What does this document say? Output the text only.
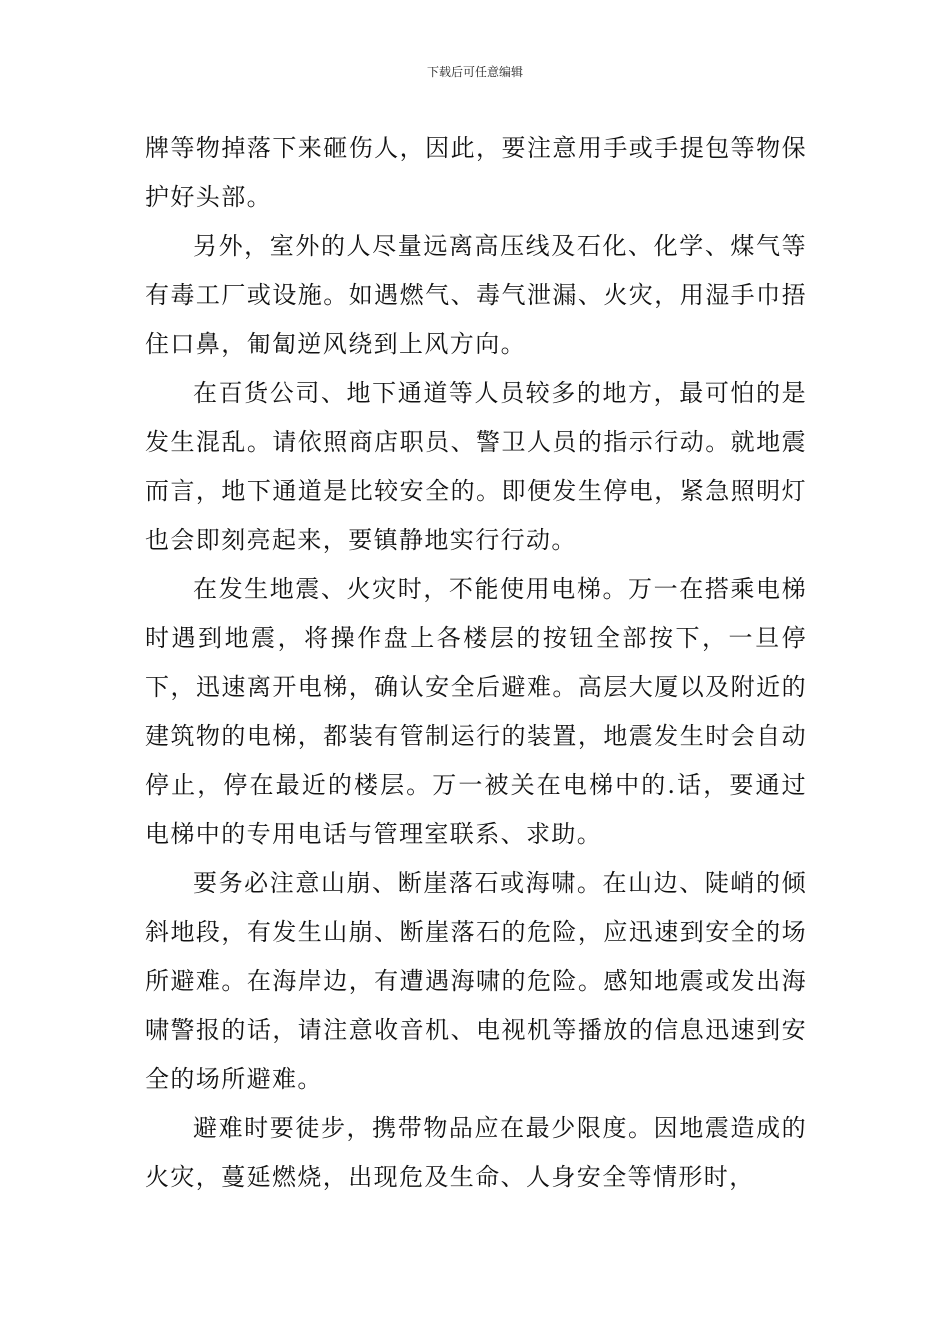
下载后可任意编辑

牌等物掉落下来砸伤人，因此，要注意用手或手提包等物保护好头部。

另外，室外的人尽量远离高压线及石化、化学、煤气等有毒工厂或设施。如遇燃气、毒气泄漏、火灾，用湿手巾捂住口鼻，匍匐逆风绕到上风方向。

在百货公司、地下通道等人员较多的地方，最可怕的是发生混乱。请依照商店职员、警卫人员的指示行动。就地震而言，地下通道是比较安全的。即便发生停电，紧急照明灯也会即刻亮起来，要镇静地实行行动。

在发生地震、火灾时，不能使用电梯。万一在搭乘电梯时遇到地震，将操作盘上各楼层的按钮全部按下，一旦停下，迅速离开电梯，确认安全后避难。高层大厦以及附近的建筑物的电梯，都装有管制运行的装置，地震发生时会自动停止，停在最近的楼层。万一被关在电梯中的.话，要通过电梯中的专用电话与管理室联系、求助。

要务必注意山崩、断崖落石或海啸。在山边、陡峭的倾斜地段，有发生山崩、断崖落石的危险，应迅速到安全的场所避难。在海岸边，有遭遇海啸的危险。感知地震或发出海啸警报的话，请注意收音机、电视机等播放的信息迅速到安全的场所避难。

避难时要徒步，携带物品应在最少限度。因地震造成的火灾，蔓延燃烧，出现危及生命、人身安全等情形时，
